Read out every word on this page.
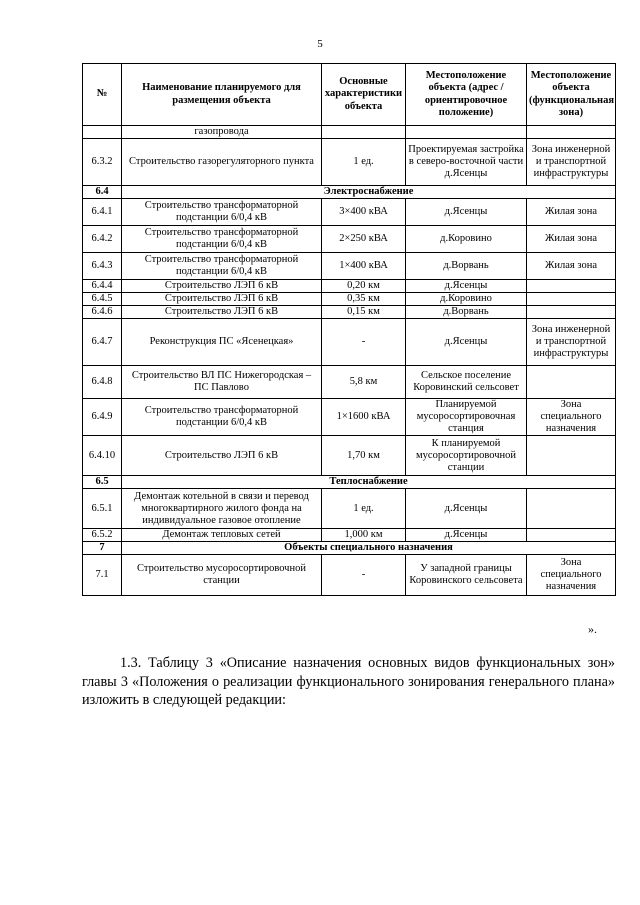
5
№	Наименование планируемого для размещения объекта	Основные характеристики объекта	Местоположение объекта (адрес / ориентировочное положение)	Местоположение объекта (функциональная зона)
	газопровода			
6.3.2	Строительство газорегуляторного пункта	1 ед.	Проектируемая застройка в северо-восточной части д.Ясенцы	Зона инженерной и транспортной инфраструктуры
6.4	Электроснабжение			
6.4.1	Строительство трансформаторной подстанции 6/0,4 кВ	3×400 кВА	д.Ясенцы	Жилая зона
6.4.2	Строительство трансформаторной подстанции 6/0,4 кВ	2×250 кВА	д.Коровино	Жилая зона
6.4.3	Строительство трансформаторной подстанции 6/0,4 кВ	1×400 кВА	д.Ворвань	Жилая зона
6.4.4	Строительство ЛЭП 6 кВ	0,20 км	д.Ясенцы	
6.4.5	Строительство ЛЭП 6 кВ	0,35 км	д.Коровино	
6.4.6	Строительство ЛЭП 6 кВ	0,15 км	д.Ворвань	
6.4.7	Реконструкция ПС «Ясенецкая»	-	д.Ясенцы	Зона инженерной и транспортной инфраструктуры
6.4.8	Строительство ВЛ ПС Нижегородская – ПС Павлово	5,8 км	Сельское поселение Коровинский сельсовет	
6.4.9	Строительство трансформаторной подстанции 6/0,4 кВ	1×1600 кВА	Планируемой мусоросортировочная станция	Зона специального назначения
6.4.10	Строительство ЛЭП 6 кВ	1,70 км	К планируемой мусоросортировочной станции	
6.5	Теплоснабжение			
6.5.1	Демонтаж котельной в связи и перевод многоквартирного жилого фонда на индивидуальное газовое отопление	1 ед.	д.Ясенцы	
6.5.2	Демонтаж тепловых сетей	1,000 км	д.Ясенцы	
7	Объекты специального назначения			
7.1	Строительство мусоросортировочной станции	-	У западной границы Коровинского сельсовета	Зона специального назначения
».

1.3. Таблицу 3 «Описание назначения основных видов функциональных зон» главы 3 «Положения о реализации функционального зонирования генерального плана» изложить в следующей редакции:
